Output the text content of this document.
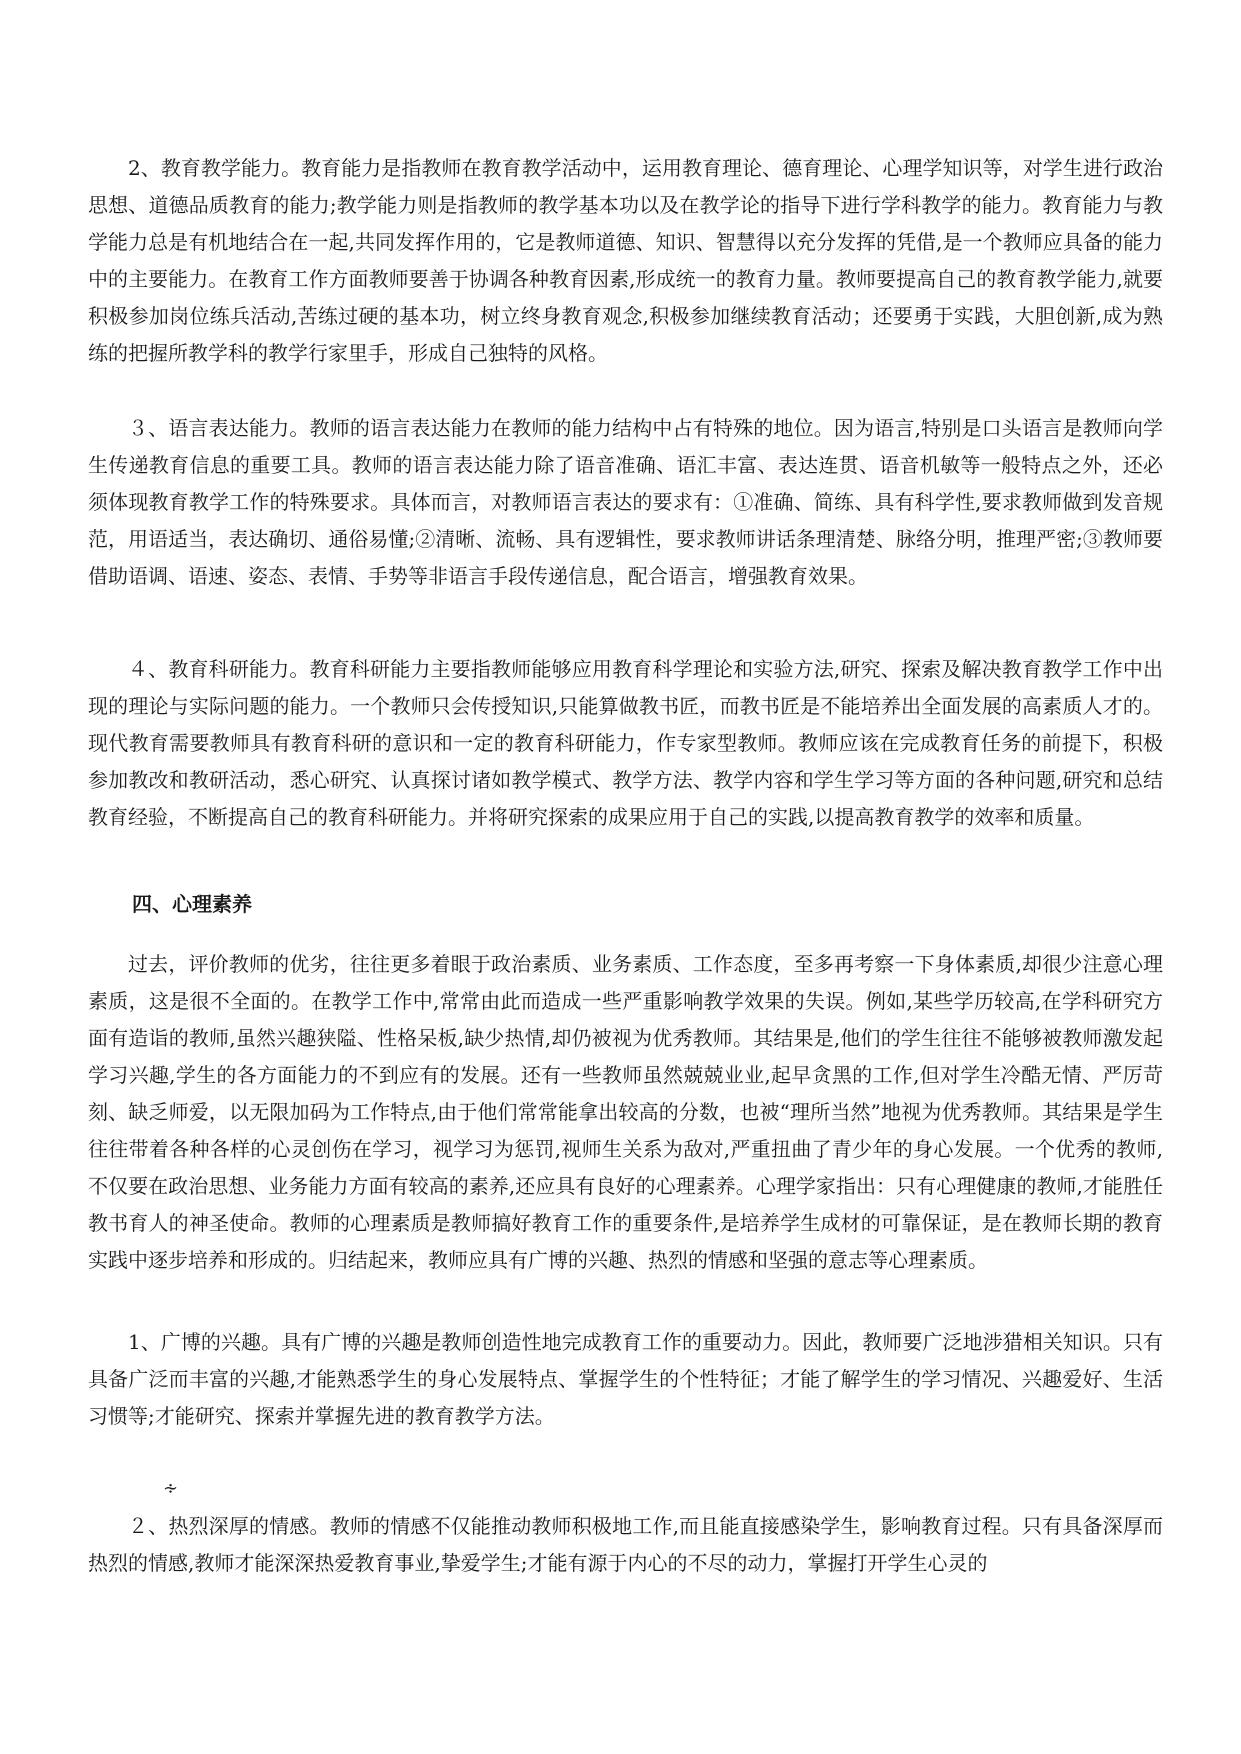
2、教育教学能力。教育能力是指教师在教育教学活动中，运用教育理论、德育理论、心理学知识等，对学生进行政治思想、道德品质教育的能力;教学能力则是指教师的教学基本功以及在教学论的指导下进行学科教学的能力。教育能力与教学能力总是有机地结合在一起,共同发挥作用的，它是教师道德、知识、智慧得以充分发挥的凭借,是一个教师应具备的能力中的主要能力。在教育工作方面教师要善于协调各种教育因素,形成统一的教育力量。教师要提高自己的教育教学能力,就要积极参加岗位练兵活动,苦练过硬的基本功，树立终身教育观念,积极参加继续教育活动；还要勇于实践，大胆创新,成为熟练的把握所教学科的教学行家里手，形成自己独特的风格。

３、语言表达能力。教师的语言表达能力在教师的能力结构中占有特殊的地位。因为语言,特别是口头语言是教师向学生传递教育信息的重要工具。教师的语言表达能力除了语音准确、语汇丰富、表达连贯、语音机敏等一般特点之外，还必须体现教育教学工作的特殊要求。具体而言，对教师语言表达的要求有：①准确、简练、具有科学性,要求教师做到发音规范，用语适当，表达确切、通俗易懂;②清晰、流畅、具有逻辑性，要求教师讲话条理清楚、脉络分明，推理严密;③教师要借助语调、语速、姿态、表情、手势等非语言手段传递信息，配合语言，增强教育效果。

４、教育科研能力。教育科研能力主要指教师能够应用教育科学理论和实验方法,研究、探索及解决教育教学工作中出现的理论与实际问题的能力。一个教师只会传授知识,只能算做教书匠，而教书匠是不能培养出全面发展的高素质人才的。现代教育需要教师具有教育科研的意识和一定的教育科研能力，作专家型教师。教师应该在完成教育任务的前提下，积极参加教改和教研活动，悉心研究、认真探讨诸如教学模式、教学方法、教学内容和学生学习等方面的各种问题,研究和总结教育经验，不断提高自己的教育科研能力。并将研究探索的成果应用于自己的实践,以提高教育教学的效率和质量。

四、心理素养

过去，评价教师的优劣，往往更多着眼于政治素质、业务素质、工作态度，至多再考察一下身体素质,却很少注意心理素质，这是很不全面的。在教学工作中,常常由此而造成一些严重影响教学效果的失误。例如,某些学历较高,在学科研究方面有造诣的教师,虽然兴趣狭隘、性格呆板,缺少热情,却仍被视为优秀教师。其结果是,他们的学生往往不能够被教师激发起学习兴趣,学生的各方面能力的不到应有的发展。还有一些教师虽然兢兢业业,起早贪黑的工作,但对学生冷酷无情、严厉苛刻、缺乏师爱，以无限加码为工作特点,由于他们常常能拿出较高的分数，也被“理所当然”地视为优秀教师。其结果是学生往往带着各种各样的心灵创伤在学习，视学习为惩罚,视师生关系为敌对,严重扭曲了青少年的身心发展。一个优秀的教师,不仅要在政治思想、业务能力方面有较高的素养,还应具有良好的心理素养。心理学家指出：只有心理健康的教师,才能胜任教书育人的神圣使命。教师的心理素质是教师搞好教育工作的重要条件,是培养学生成材的可靠保证，是在教师长期的教育实践中逐步培养和形成的。归结起来，教师应具有广博的兴趣、热烈的情感和坚强的意志等心理素质。

1、广博的兴趣。具有广博的兴趣是教师创造性地完成教育工作的重要动力。因此，教师要广泛地涉猎相关知识。只有具备广泛而丰富的兴趣,才能熟悉学生的身心发展特点、掌握学生的个性特征；才能了解学生的学习情况、兴趣爱好、生活习惯等;才能研究、探索并掌握先进的教育教学方法。

∻

２、热烈深厚的情感。教师的情感不仅能推动教师积极地工作,而且能直接感染学生，影响教育过程。只有具备深厚而热烈的情感,教师才能深深热爱教育事业,挚爱学生;才能有源于内心的不尽的动力，掌握打开学生心灵的
